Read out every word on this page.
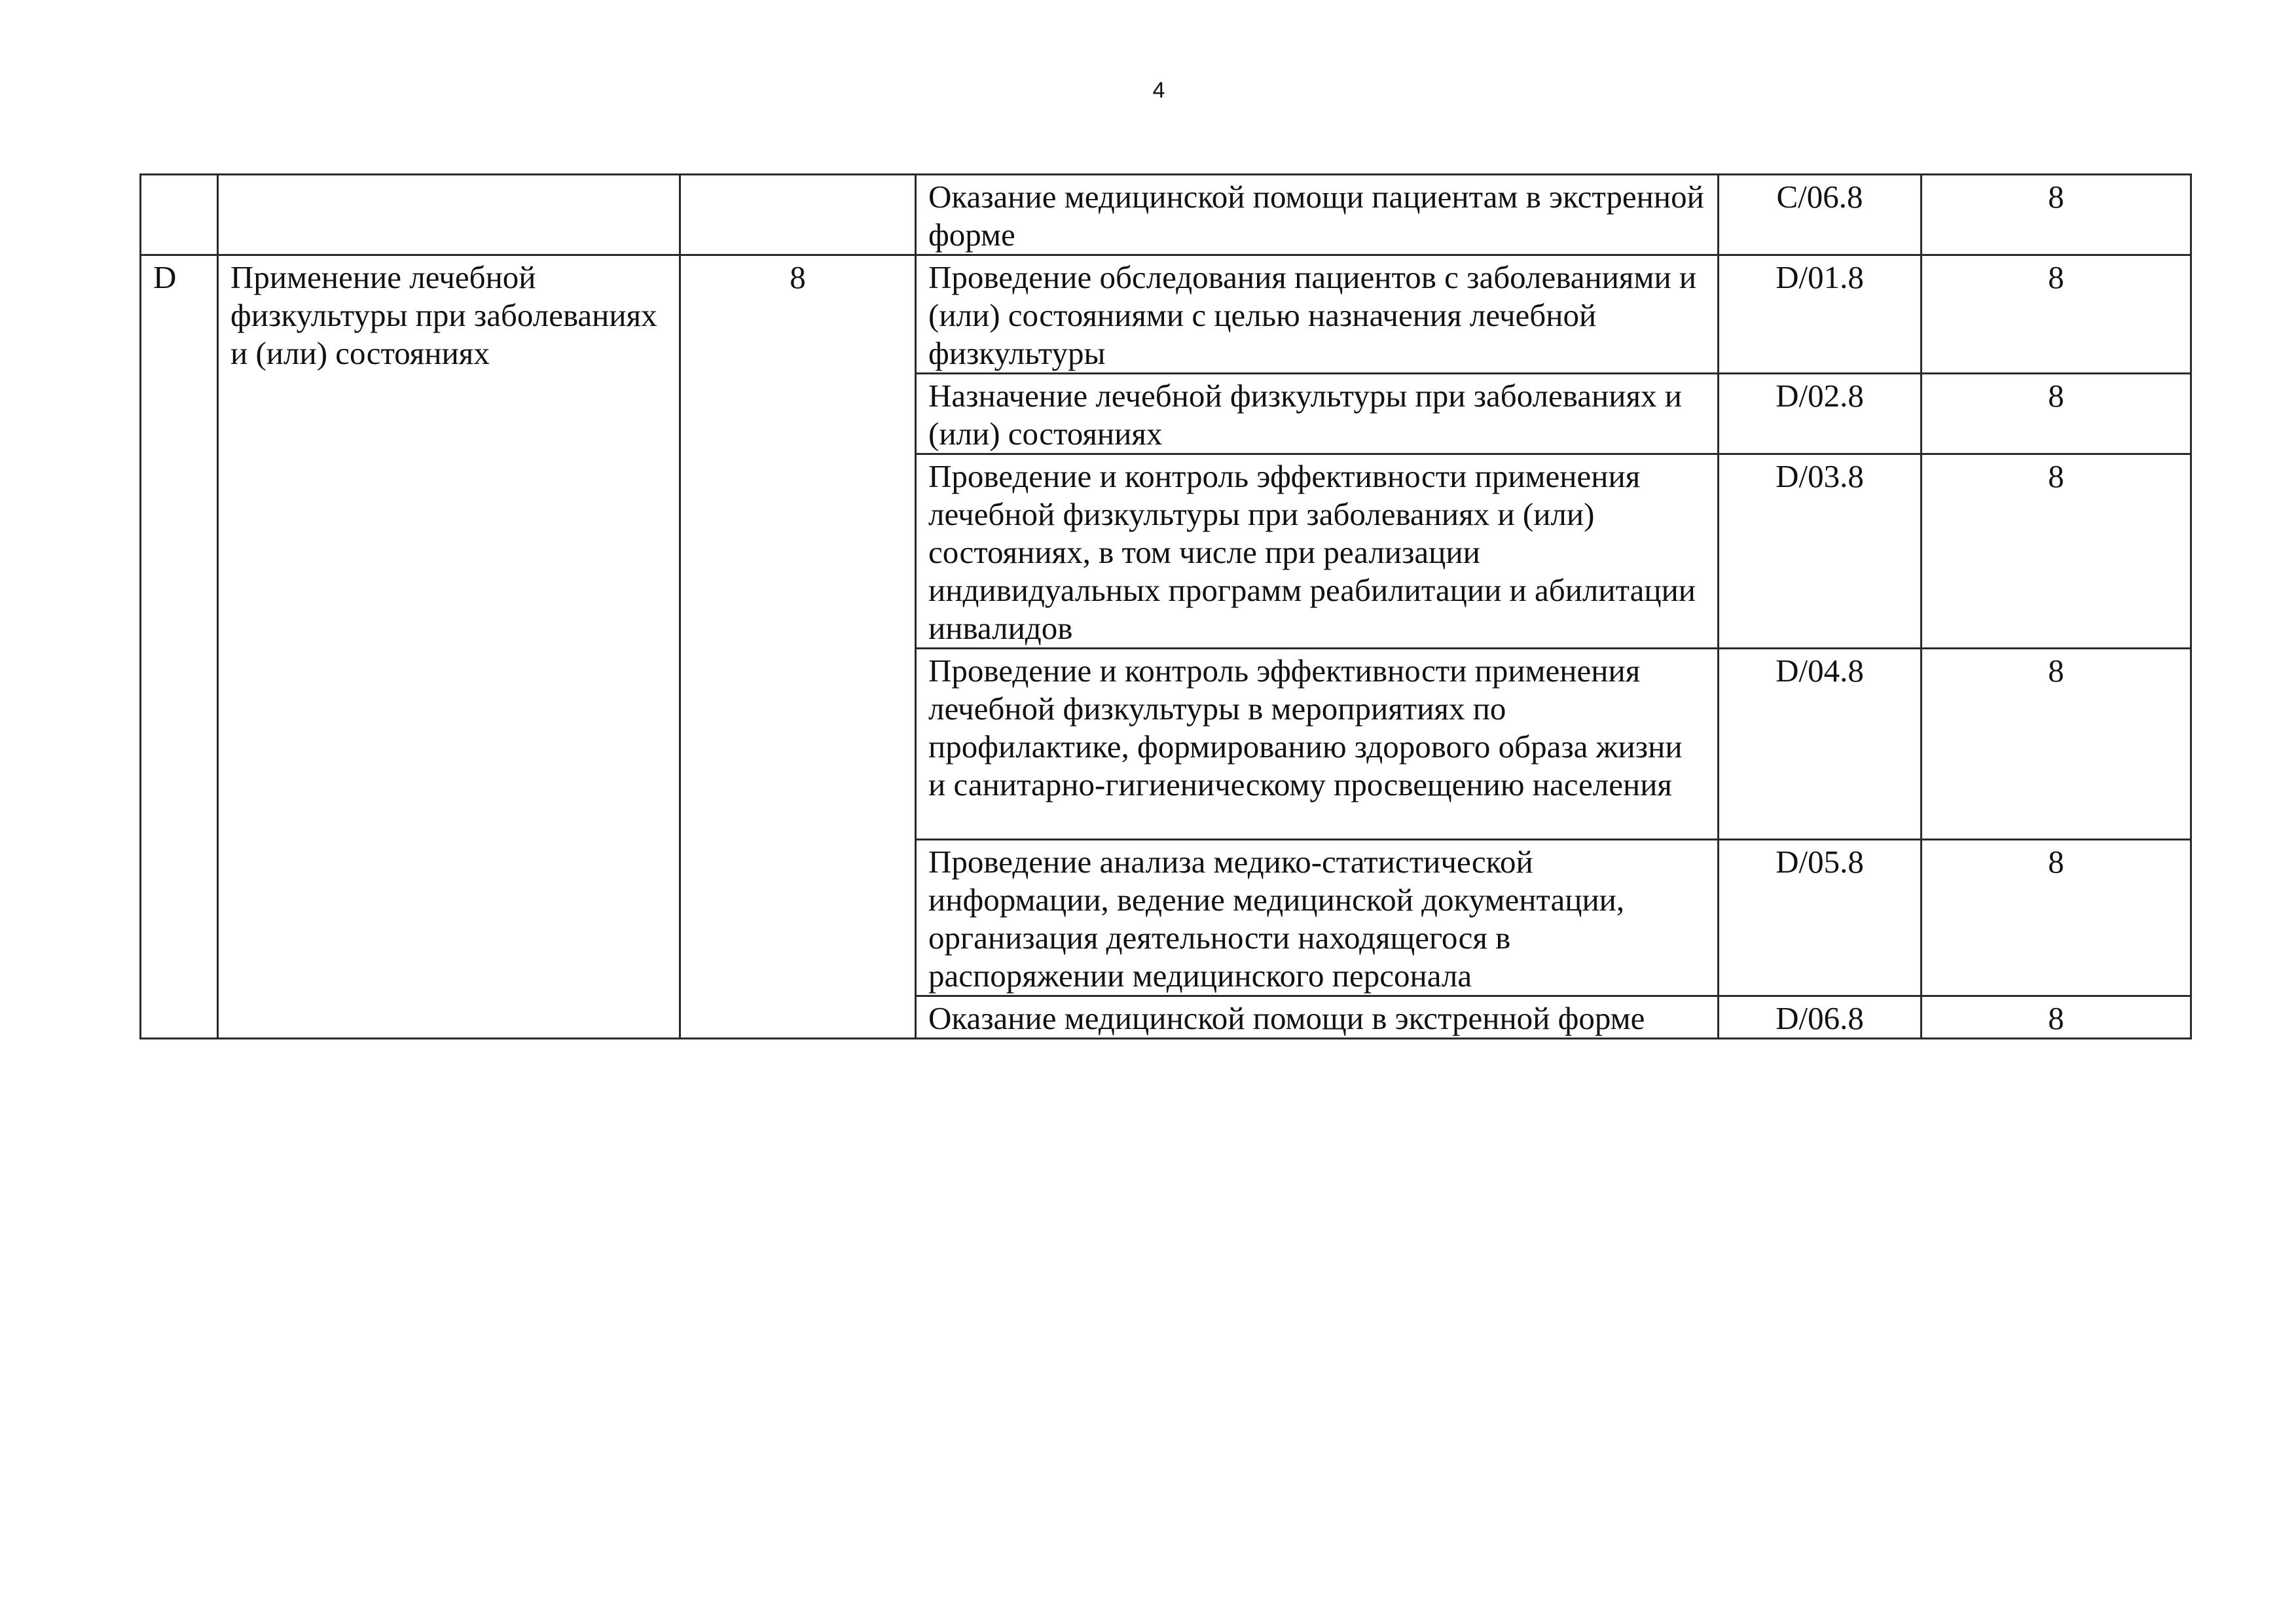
4
			Оказание медицинской помощи пациентам в экстренной форме	C/06.8	8
D	Применение лечебной физкультуры при заболеваниях и (или) состояниях	8	Проведение обследования пациентов с заболеваниями и (или) состояниями с целью назначения лечебной физкультуры	D/01.8	8
			Назначение лечебной физкультуры при заболеваниях и (или) состояниях	D/02.8	8
			Проведение и контроль эффективности применения лечебной физкультуры при заболеваниях и (или) состояниях, в том числе при реализации индивидуальных программ реабилитации и абилитации инвалидов	D/03.8	8
			Проведение и контроль эффективности применения лечебной физкультуры в мероприятиях по профилактике, формированию здорового образа жизни и санитарно-гигиеническому просвещению населения	D/04.8	8
			Проведение анализа медико-статистической информации, ведение медицинской документации, организация деятельности находящегося в распоряжении медицинского персонала	D/05.8	8
			Оказание медицинской помощи в экстренной форме	D/06.8	8
